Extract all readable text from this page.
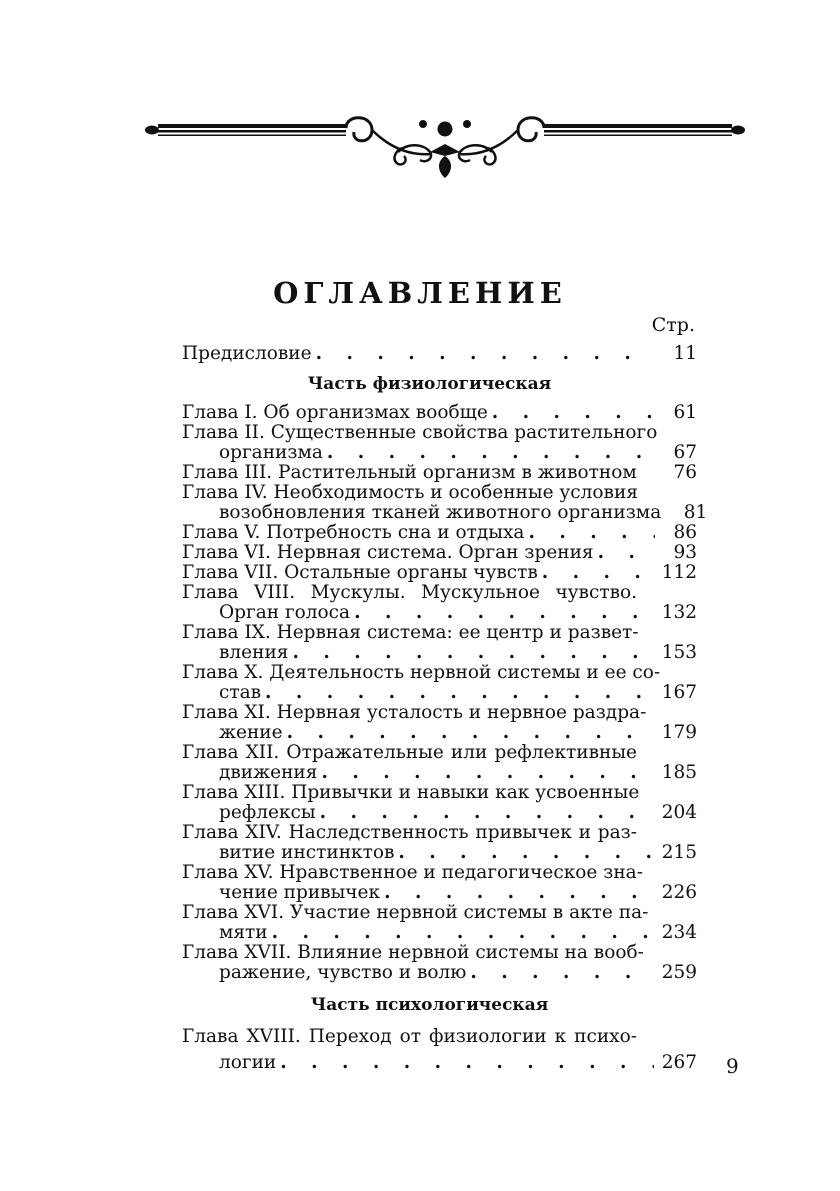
ОГЛАВЛЕНИЕ
Стр.
Предисловие . . .	11
Часть физиологическая
Глава I. Об организмах вообще . . .	61
Глава II. Существенные свойства растительного
организма . . .	67
Глава III. Растительный организм в животном	76
Глава IV. Необходимость и особенные условия
возобновления тканей животного организма	81
Глава V. Потребность сна и отдыха . . .	86
Глава VI. Нервная система. Орган зрения . . .	93
Глава VII. Остальные органы чувств . . .	112
Глава VIII. Мускулы. Мускульное чувство.
Орган голоса . . .	132
Глава IX. Нервная система: ее центр и развет-
вления . . .	153
Глава X. Деятельность нервной системы и ее со-
став . . .	167
Глава XI. Нервная усталость и нервное раздра-
жение . . .	179
Глава XII. Отражательные или рефлективные
движения . . .	185
Глава XIII. Привычки и навыки как усвоенные
рефлексы . . .	204
Глава XIV. Наследственность привычек и раз-
витие инстинктов . . .	215
Глава XV. Нравственное и педагогическое зна-
чение привычек . . .	226
Глава XVI. Участие нервной системы в акте па-
мяти . . .	234
Глава XVII. Влияние нервной системы на вооб-
ражение, чувство и волю . . .	259
Часть психологическая
Глава XVIII. Переход от физиологии к психо-
логии . . .	267 9
